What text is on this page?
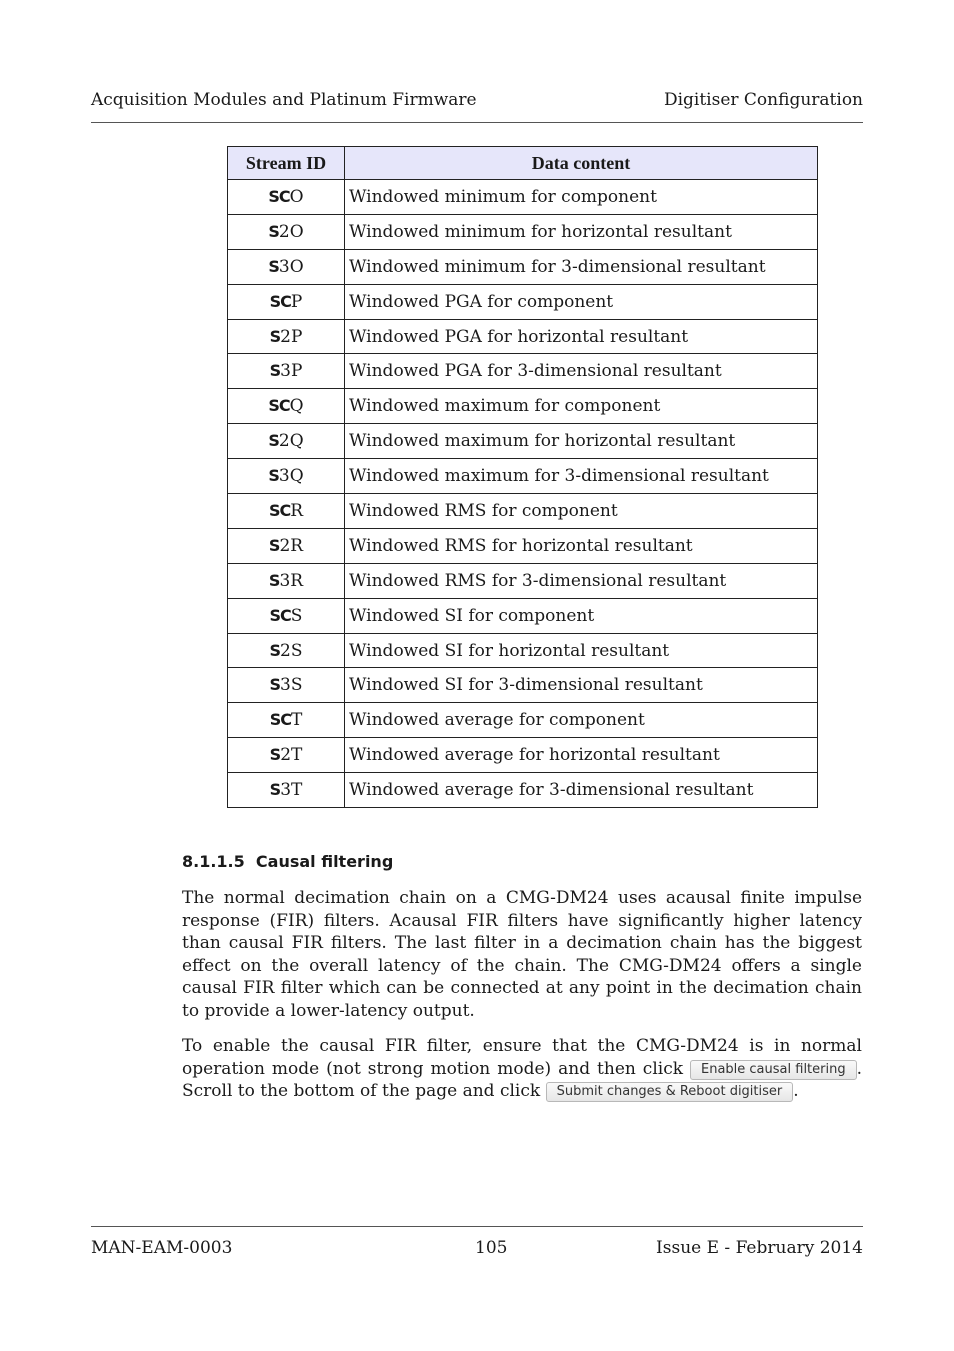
Acquisition Modules and Platinum Firmware	Digitiser Configuration
Stream ID	Data content
SCO	Windowed minimum for component
S2O	Windowed minimum for horizontal resultant
S3O	Windowed minimum for 3-dimensional resultant
SCP	Windowed PGA for component
S2P	Windowed PGA for horizontal resultant
S3P	Windowed PGA for 3-dimensional resultant
SCQ	Windowed maximum for component
S2Q	Windowed maximum for horizontal resultant
S3Q	Windowed maximum for 3-dimensional resultant
SCR	Windowed RMS for component
S2R	Windowed RMS for horizontal resultant
S3R	Windowed RMS for 3-dimensional resultant
SCS	Windowed SI for component
S2S	Windowed SI for horizontal resultant
S3S	Windowed SI for 3-dimensional resultant
SCT	Windowed average for component
S2T	Windowed average for horizontal resultant
S3T	Windowed average for 3-dimensional resultant
8.1.1.5 Causal filtering

The normal decimation chain on a CMG-DM24 uses acausal finite impulse response (FIR) filters. Acausal FIR filters have significantly higher latency than causal FIR filters. The last filter in a decimation chain has the biggest effect on the overall latency of the chain. The CMG-DM24 offers a single causal FIR filter which can be connected at any point in the decimation chain to provide a lower-latency output.

To enable the causal FIR filter, ensure that the CMG-DM24 is in normal operation mode (not strong motion mode) and then click Enable causal filtering . Scroll to the bottom of the page and click Submit changes & Reboot digitiser .

MAN-EAM-0003	105	Issue E - February 2014
